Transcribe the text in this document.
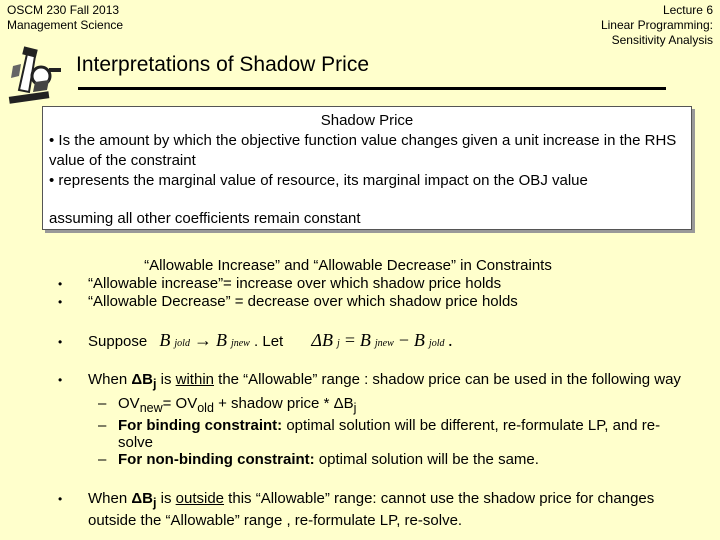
OSCM 230 Fall 2013
Management Science
Lecture 6
Linear Programming:
Sensitivity Analysis
Interpretations of Shadow Price
Shadow Price
• Is the amount by which the objective function value changes given a unit increase in the RHS value of the constraint
• represents the marginal value of resource, its marginal impact on the OBJ value
assuming all other coefficients remain constant
“Allowable Increase” and “Allowable Decrease” in Constraints
•	“Allowable increase”= increase over which shadow price holds
•	“Allowable Decrease” = decrease over which shadow price holds
•	Suppose B $_{jold}$ → B $_{jnew}$ . Let ΔB $_j$ = B $_{jnew}$ − B $_{jold}$ .
•	When $\Delta B_j$ is within the “Allowable” range : shadow price can be used in the following way
– $OV_{new}= OV_{old}$ + shadow price * $\Delta B_j$
– For binding constraint: optimal solution will be different, re-formulate LP, and re-solve
– For non-binding constraint: optimal solution will be the same.
•	When $\Delta B_j$ is outside this “Allowable” range: cannot use the shadow price for changes outside the “Allowable” range , re-formulate LP, re-solve.
